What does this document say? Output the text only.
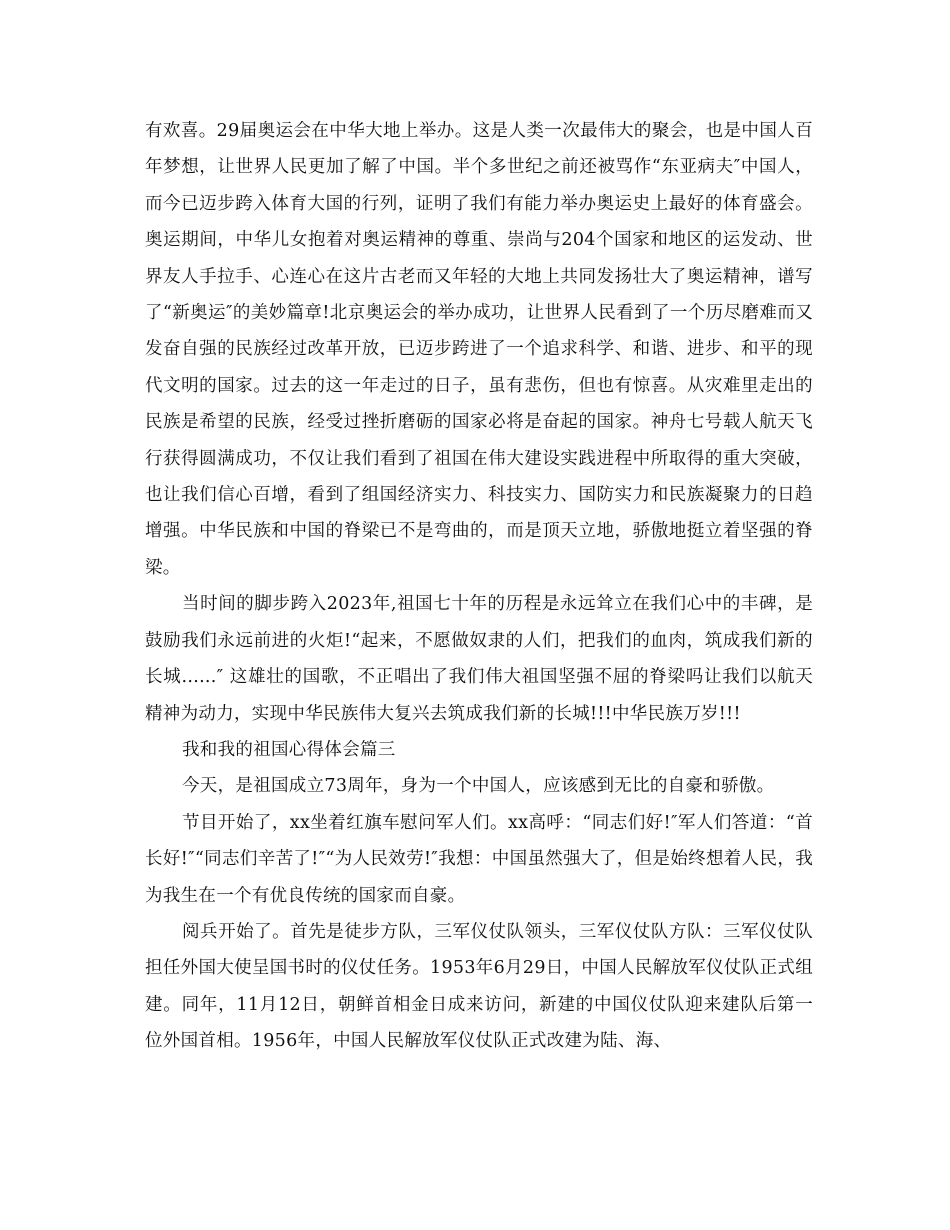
有欢喜。29届奥运会在中华大地上举办。这是人类一次最伟大的聚会，也是中国人百年梦想，让世界人民更加了解了中国。半个多世纪之前还被骂作“东亚病夫″中国人，而今已迈步跨入体育大国的行列，证明了我们有能力举办奥运史上最好的体育盛会。 奥运期间，中华儿女抱着对奥运精神的尊重、崇尚与204个国家和地区的运发动、世界友人手拉手、心连心在这片古老而又年轻的大地上共同发扬壮大了奥运精神，谱写了“新奥运″的美妙篇章!北京奥运会的举办成功，让世界人民看到了一个历尽磨难而又发奋自强的民族经过改革开放，已迈步跨进了一个追求科学、和谐、进步、和平的现代文明的国家。过去的这一年走过的日子，虽有悲伤，但也有惊喜。从灾难里走出的民族是希望的民族，经受过挫折磨砺的国家必将是奋起的国家。神舟七号载人航天飞行获得圆满成功，不仅让我们看到了祖国在伟大建设实践进程中所取得的重大突破，也让我们信心百增，看到了组国经济实力、科技实力、国防实力和民族凝聚力的日趋增强。中华民族和中国的脊梁已不是弯曲的，而是顶天立地，骄傲地挺立着坚强的脊梁。

当时间的脚步跨入2023年,祖国七十年的历程是永远耸立在我们心中的丰碑，是鼓励我们永远前进的火炬!“起来，不愿做奴隶的人们，把我们的血肉，筑成我们新的长城......″ 这雄壮的国歌，不正唱出了我们伟大祖国坚强不屈的脊梁吗让我们以航天精神为动力，实现中华民族伟大复兴去筑成我们新的长城!!!中华民族万岁!!!

我和我的祖国心得体会篇三

今天，是祖国成立73周年，身为一个中国人，应该感到无比的自豪和骄傲。

节目开始了，xx坐着红旗车慰问军人们。xx高呼：“同志们好!″军人们答道：“首长好!″“同志们辛苦了!″“为人民效劳!″我想：中国虽然强大了，但是始终想着人民，我为我生在一个有优良传统的国家而自豪。

阅兵开始了。首先是徒步方队，三军仪仗队领头，三军仪仗队方队：三军仪仗队担任外国大使呈国书时的仪仗任务。1953年6月29日，中国人民解放军仪仗队正式组建。同年，11月12日，朝鲜首相金日成来访问，新建的中国仪仗队迎来建队后第一位外国首相。1956年，中国人民解放军仪仗队正式改建为陆、海、
